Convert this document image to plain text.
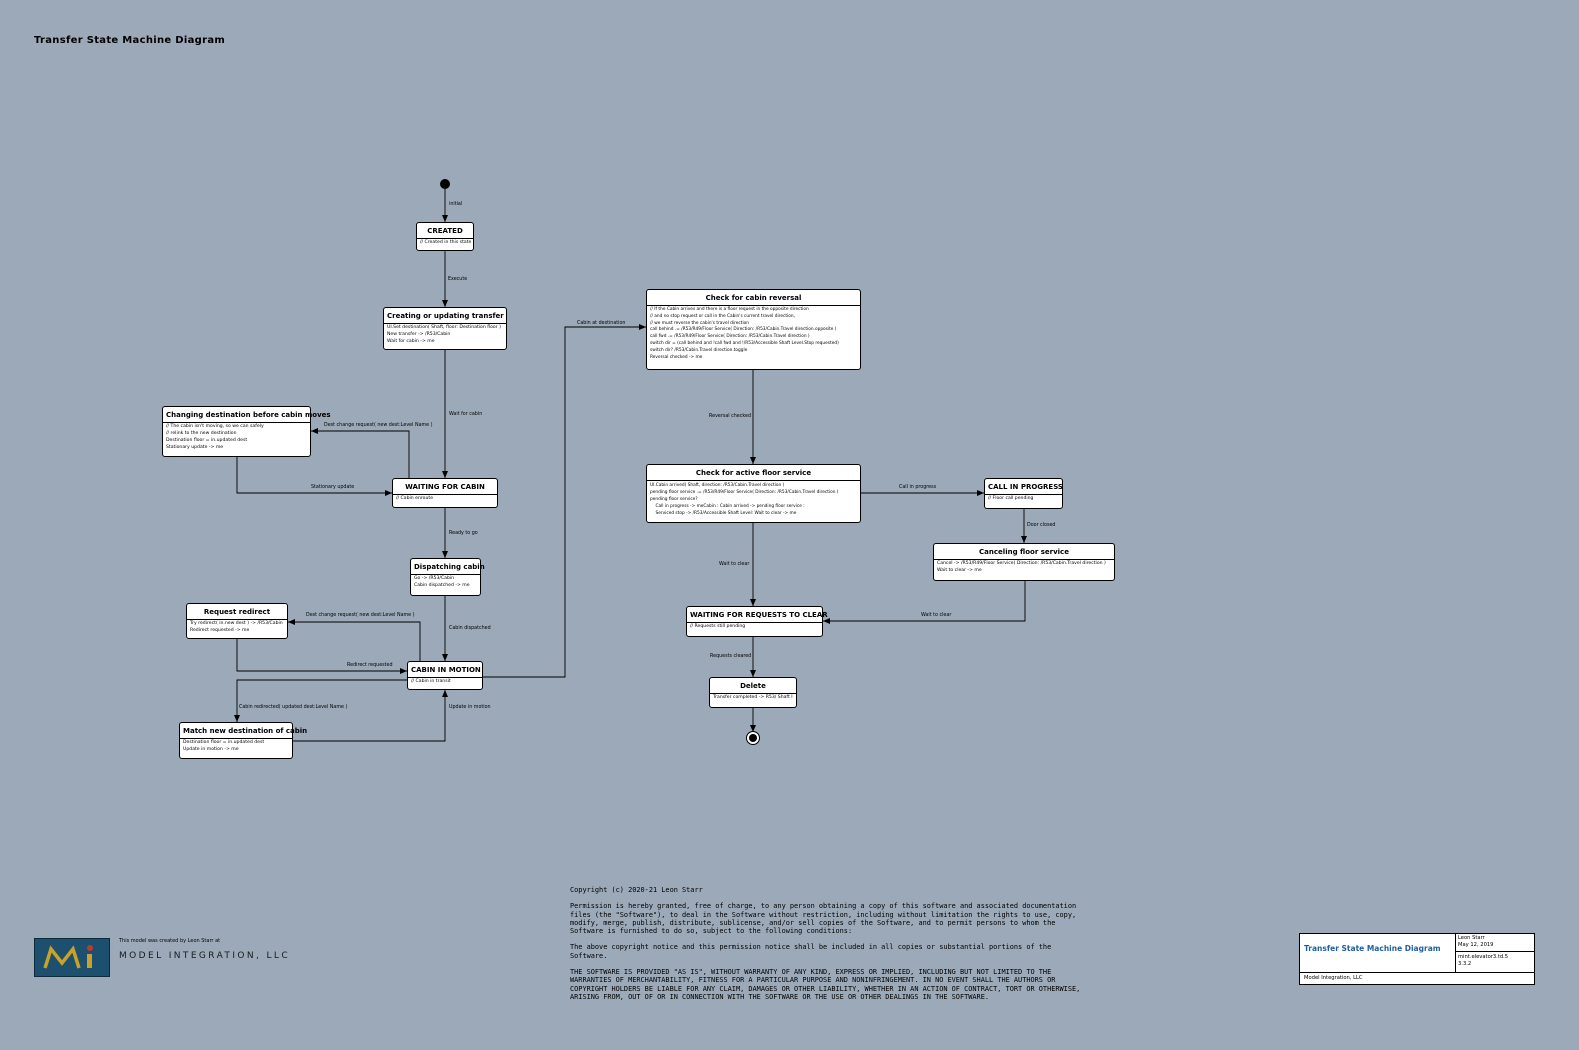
Transfer State Machine Diagram
CREATED
// Created in this state
Creating or updating transfer
UI.Set destination( Shaft, floor: Destination floor )
New transfer -> /R53/Cabin
Wait for cabin -> me
Changing destination before cabin moves
// The cabin isn't moving, so we can safely
// relink to the new destination
Destination floor = in.updated dest
Stationary update -> me
WAITING FOR CABIN
// Cabin enroute
Dispatching cabin
Go -> /R53/Cabin
Cabin dispatched -> me
Request redirect
Try redirect( in.new dest ) -> /R53/Cabin
Redirect requested -> me
CABIN IN MOTION
// Cabin in transit
Match new destination of cabin
Destination floor = in.updated dest
Update in motion -> me
Check for cabin reversal
// If the Cabin arrives and there is a floor request in the opposite direction
// and no stop request or call in the Cabin's current travel direction,
// we must reverse the cabin's travel direction
call behind .= /R53/R49/Floor Service( Direction: /R53/Cabin.Travel direction.opposite )
call fwd .= /R53/R49/Floor Service( Direction: /R53/Cabin.Travel direction )
switch dir = (call behind and !call fwd and !/R53/Accessible Shaft Level.Stop requested)
switch dir? /R53/Cabin.Travel direction.toggle
Reversal checked -> me
Check for active floor service
UI.Cabin arrived( Shaft, direction: /R53/Cabin.Travel direction )
pending floor service .= /R53/R49/Floor Service( Direction: /R53/Cabin.Travel direction )
pending floor service?
Call in progress -> meCabin : Cabin arrived -> pending floor service :
Serviced stop -> /R53/Accessible Shaft Level: Wait to clear -> me
CALL IN PROGRESS
// Floor call pending
Canceling floor service
Cancel -> /R53/R49/Floor Service( Direction: /R53/Cabin.Travel direction )
Wait to clear -> me
WAITING FOR REQUESTS TO CLEAR
// Requests still pending
Delete
Transfer completed -> R53/ Shaft I
initial
Execute
Wait for cabin
Dest change request( new dest:Level Name )
Stationary update
Ready to go
Cabin dispatched
Dest change request( new dest:Level Name )
Redirect requested
Cabin redirected( updated dest:Level Name )	Update in motion
Cabin at destination
Reversal checked
Call in progress
Door closed
Wait to clear
Wait to clear
Requests cleared

Copyright (c) 2020-21 Leon Starr

Permission is hereby granted, free of charge, to any person obtaining a copy of this software and associated documentation files (the "Software"), to deal in the Software without restriction, including without limitation the rights to use, copy, modify, merge, publish, distribute, sublicense, and/or sell copies of the Software, and to permit persons to whom the Software is furnished to do so, subject to the following conditions:

The above copyright notice and this permission notice shall be included in all copies or substantial portions of the Software.

THE SOFTWARE IS PROVIDED "AS IS", WITHOUT WARRANTY OF ANY KIND, EXPRESS OR IMPLIED, INCLUDING BUT NOT LIMITED TO THE WARRANTIES OF MERCHANTABILITY, FITNESS FOR A PARTICULAR PURPOSE AND NONINFRINGEMENT. IN NO EVENT SHALL THE AUTHORS OR COPYRIGHT HOLDERS BE LIABLE FOR ANY CLAIM, DAMAGES OR OTHER LIABILITY, WHETHER IN AN ACTION OF CONTRACT, TORT OR OTHERWISE, ARISING FROM, OUT OF OR IN CONNECTION WITH THE SOFTWARE OR THE USE OR OTHER DEALINGS IN THE SOFTWARE.

This model was created by Leon Starr at
MODEL INTEGRATION, LLC
Transfer State Machine Diagram
Leon Starr
May 12, 2019
mint.elevator3.td.5
3.3.2
Model Integration, LLC
